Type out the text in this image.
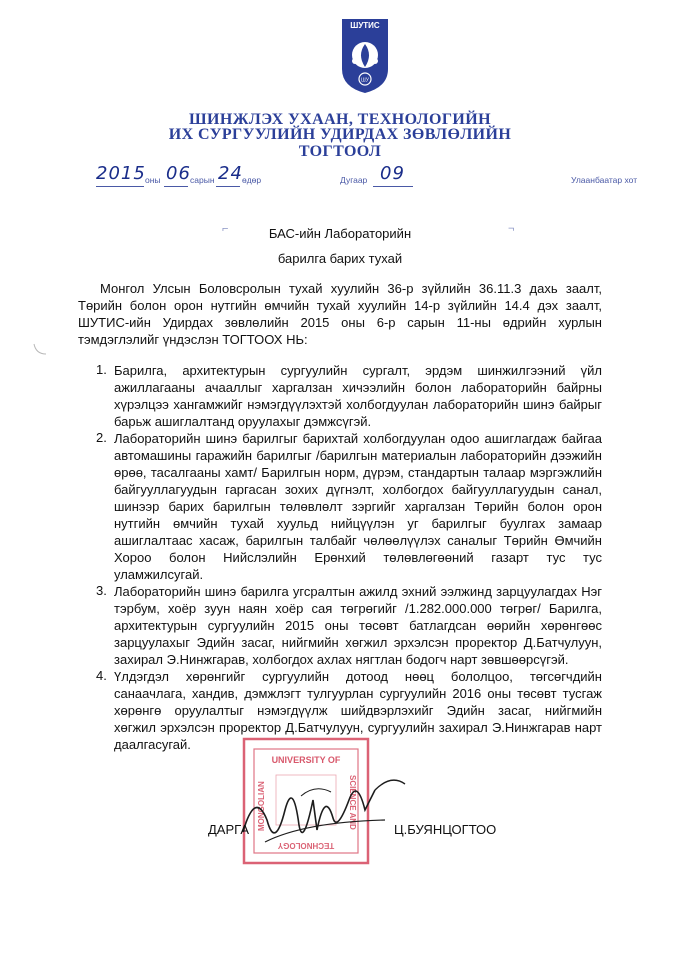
ШУТИС
ШУ
ШИНЖЛЭХ УХААН, ТЕХНОЛОГИЙН
ИХ СУРГУУЛИЙН УДИРДАХ ЗӨВЛӨЛИЙН
ТОГТООЛ
2015 оны 06 сарын 24 өдөр	Дугаар 09	Улаанбаатар хот
⌐	¬
БАС-ийн Лабораторийн
барилга барих тухай
Монгол Улсын Боловсролын тухай хуулийн 36-р зүйлийн 36.11.3 дахь заалт,
Төрийн болон орон нутгийн өмчийн тухай хуулийн 14-р зүйлийн 14.4 дэх заалт,
ШУТИС-ийн Удирдах зөвлөлийн 2015 оны 6-р сарын 11-ны өдрийн хурлын
тэмдэглэлийг үндэслэн ТОГТООХ НЬ:
1. Барилга, архитектурын сургуулийн сургалт, эрдэм шинжилгээний үйл
ажиллагааны ачааллыг харгалзан хичээлийн болон лабораторийн байрны
хүрэлцээ хангамжийг нэмэгдүүлэхтэй холбогдуулан лабораторийн шинэ байрыг
барьж ашиглалтанд оруулахыг дэмжсүгэй.
2. Лабораторийн шинэ барилгыг барихтай холбогдуулан одоо ашиглагдаж байгаа
автомашины гаражийн барилгыг /барилгын материалын лабораторийн дээжийн
өрөө, тасалгааны хамт/ Барилгын норм, дүрэм, стандартын талаар мэргэжлийн
байгууллагуудын гаргасан зохих дүгнэлт, холбогдох байгууллагуудын санал,
шинээр барих барилгын төлөвлөлт зэргийг харгалзан Төрийн болон орон
нутгийн өмчийн тухай хуульд нийцүүлэн уг барилгыг буулгах замаар
ашиглалтаас хасаж, барилгын талбайг чөлөөлүүлэх саналыг Төрийн Өмчийн
Хороо болон Нийслэлийн Ерөнхий төлөвлөгөөний газарт тус тус
уламжилсугай.
3. Лабораторийн шинэ барилга угсралтын ажилд эхний ээлжинд зарцуулагдах Нэг
тэрбум, хоёр зуун наян хоёр сая төгрөгийг /1.282.000.000 төгрөг/ Барилга,
архитектурын сургуулийн 2015 оны төсөвт батлагдсан өөрийн хөрөнгөөс
зарцуулахыг Эдийн засаг, нийгмийн хөгжил эрхэлсэн проректор Д.Батчулуун,
захирал Э.Нинжгарав, холбогдох ахлах нягтлан бодогч нарт зөвшөөрсүгэй.
4. Үлдэгдэл хөрөнгийг сургуулийн дотоод нөөц бололцоо, төгсөгчдийн
санаачлага, хандив, дэмжлэгт тулгуурлан сургуулийн 2016 оны төсөвт тусгаж
хөрөнгө оруулалтыг нэмэгдүүлж шийдвэрлэхийг Эдийн засаг, нийгмийн
хөгжил эрхэлсэн проректор Д.Батчулуун, сургуулийн захирал Э.Нинжгарав нарт
даалгасугай.
UNIVERSITY OF
SCIENCE AND
TECHNOLOGY
MONGOLIAN
ДАРГА	Ц.БУЯНЦОГТОО
